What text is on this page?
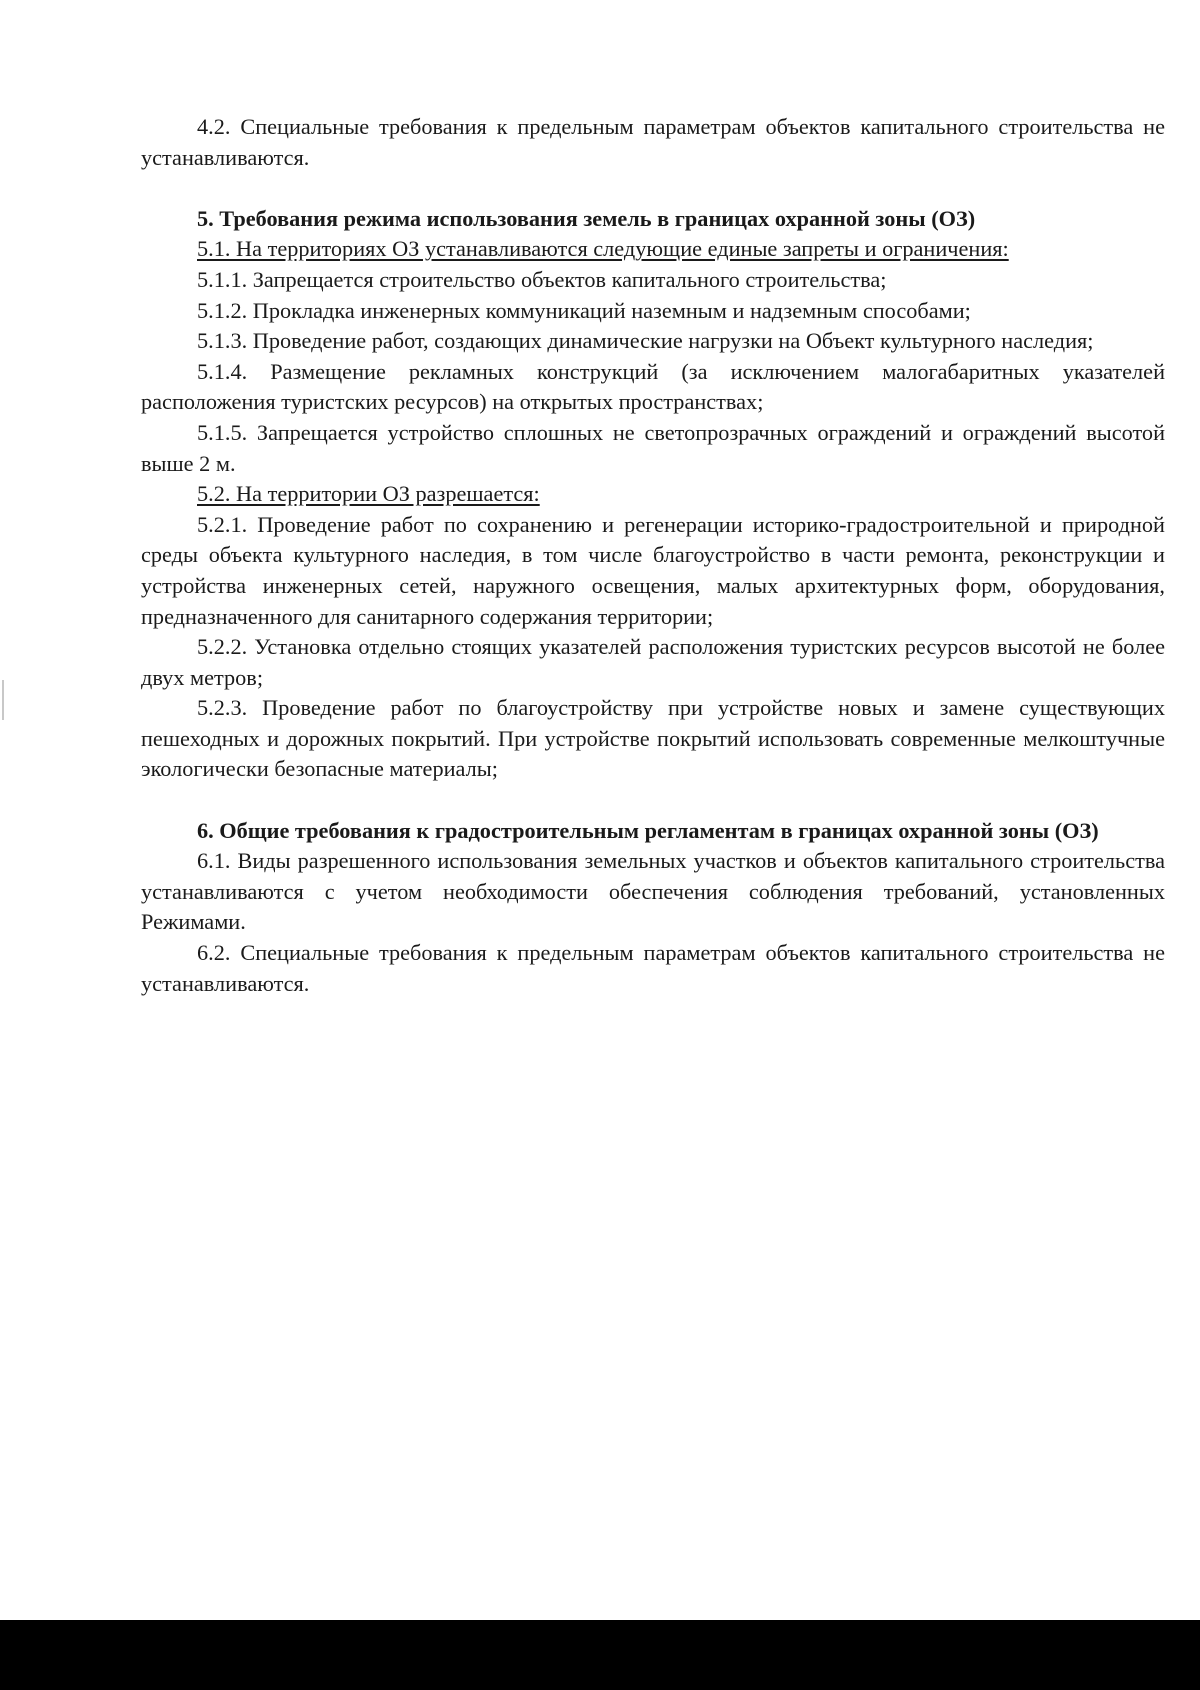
4.2. Специальные требования к предельным параметрам объектов капитального строительства не устанавливаются.

5. Требования режима использования земель в границах охранной зоны (ОЗ)

5.1. На территориях ОЗ устанавливаются следующие единые запреты и ограничения:

5.1.1. Запрещается строительство объектов капитального строительства;

5.1.2. Прокладка инженерных коммуникаций наземным и надземным способами;

5.1.3. Проведение работ, создающих динамические нагрузки на Объект культурного наследия;

5.1.4. Размещение рекламных конструкций (за исключением малогабаритных указателей расположения туристских ресурсов) на открытых пространствах;

5.1.5. Запрещается устройство сплошных не светопрозрачных ограждений и ограждений высотой выше 2 м.

5.2. На территории ОЗ разрешается:

5.2.1. Проведение работ по сохранению и регенерации историко-градостроительной и природной среды объекта культурного наследия, в том числе благоустройство в части ремонта, реконструкции и устройства инженерных сетей, наружного освещения, малых архитектурных форм, оборудования, предназначенного для санитарного содержания территории;

5.2.2. Установка отдельно стоящих указателей расположения туристских ресурсов высотой не более двух метров;

5.2.3. Проведение работ по благоустройству при устройстве новых и замене существующих пешеходных и дорожных покрытий. При устройстве покрытий использовать современные мелкоштучные экологически безопасные материалы;

6. Общие требования к градостроительным регламентам в границах охранной зоны (ОЗ)

6.1. Виды разрешенного использования земельных участков и объектов капитального строительства устанавливаются с учетом необходимости обеспечения соблюдения требований, установленных Режимами.

6.2. Специальные требования к предельным параметрам объектов капитального строительства не устанавливаются.
